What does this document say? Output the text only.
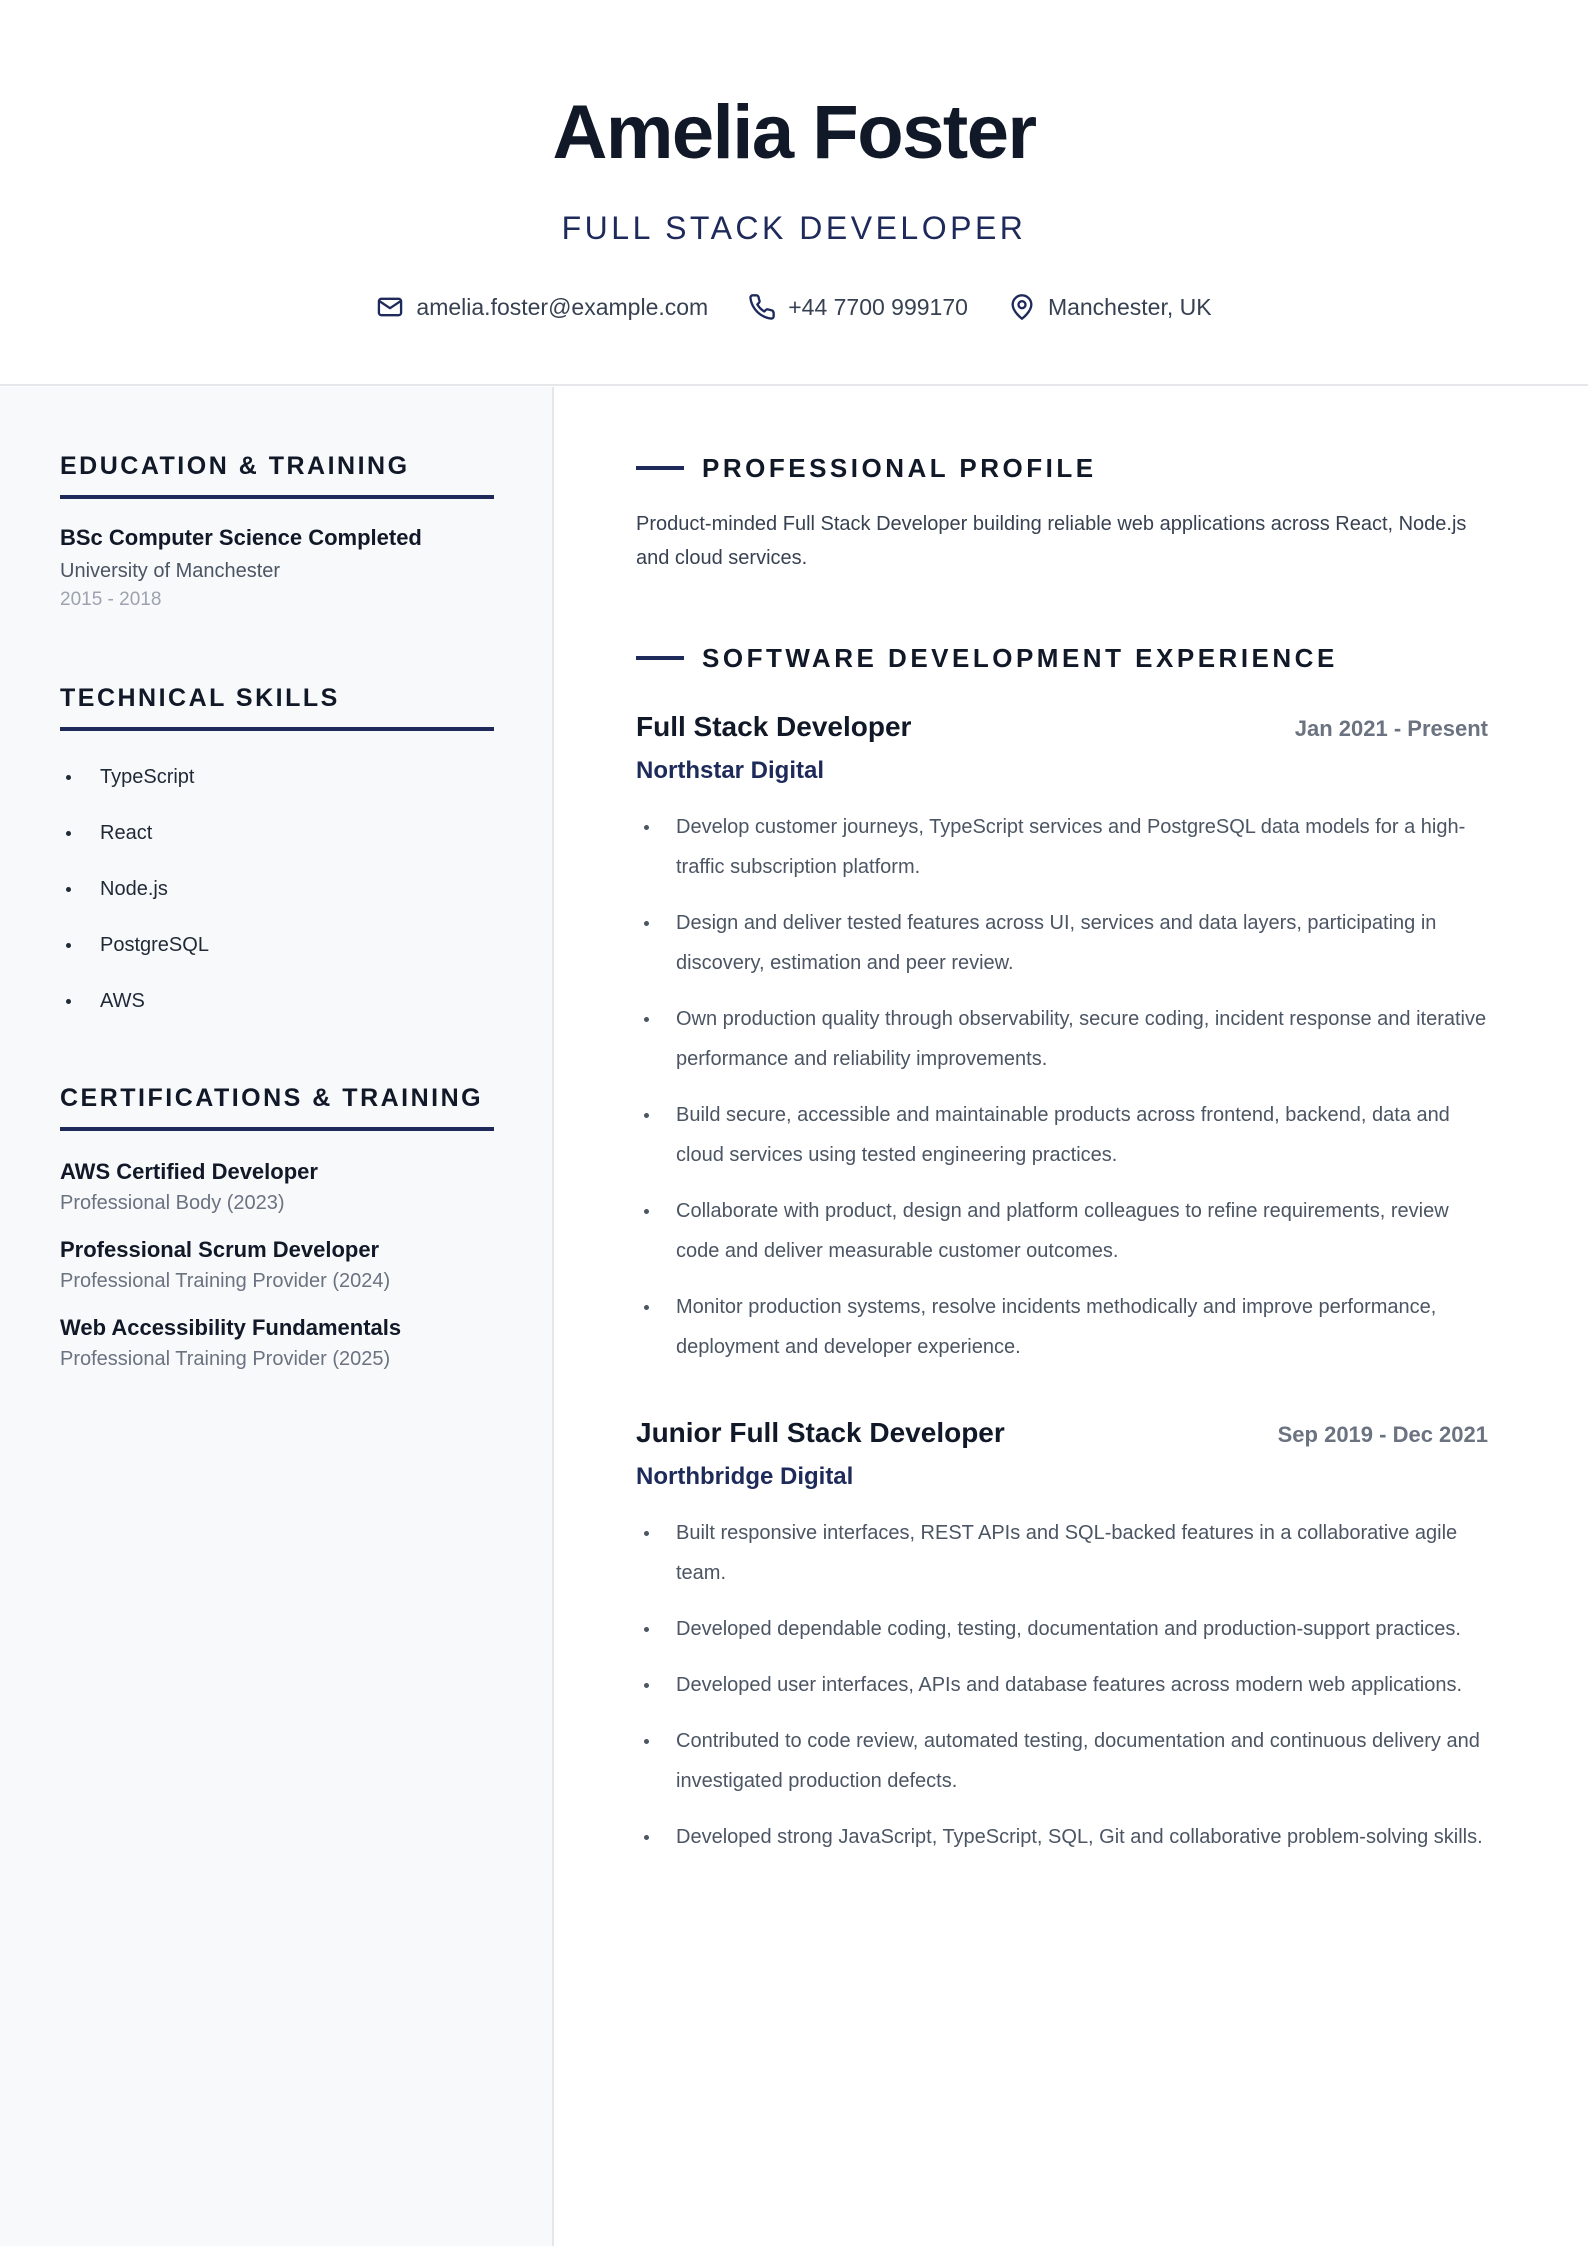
Amelia Foster
FULL STACK DEVELOPER
amelia.foster@example.com	+44 7700 999170	Manchester, UK
EDUCATION & TRAINING
BSc Computer Science Completed
University of Manchester
2015 - 2018
TECHNICAL SKILLS
TypeScript
React
Node.js
PostgreSQL
AWS
CERTIFICATIONS & TRAINING
AWS Certified Developer
Professional Body (2023)
Professional Scrum Developer
Professional Training Provider (2024)
Web Accessibility Fundamentals
Professional Training Provider (2025)
PROFESSIONAL PROFILE
Product-minded Full Stack Developer building reliable web applications across React, Node.js and cloud services.
SOFTWARE DEVELOPMENT EXPERIENCE
Full Stack Developer	Jan 2021 - Present
Northstar Digital
Develop customer journeys, TypeScript services and PostgreSQL data models for a high-traffic subscription platform.
Design and deliver tested features across UI, services and data layers, participating in discovery, estimation and peer review.
Own production quality through observability, secure coding, incident response and iterative performance and reliability improvements.
Build secure, accessible and maintainable products across frontend, backend, data and cloud services using tested engineering practices.
Collaborate with product, design and platform colleagues to refine requirements, review code and deliver measurable customer outcomes.
Monitor production systems, resolve incidents methodically and improve performance, deployment and developer experience.
Junior Full Stack Developer	Sep 2019 - Dec 2021
Northbridge Digital
Built responsive interfaces, REST APIs and SQL-backed features in a collaborative agile team.
Developed dependable coding, testing, documentation and production-support practices.
Developed user interfaces, APIs and database features across modern web applications.
Contributed to code review, automated testing, documentation and continuous delivery and investigated production defects.
Developed strong JavaScript, TypeScript, SQL, Git and collaborative problem-solving skills.
